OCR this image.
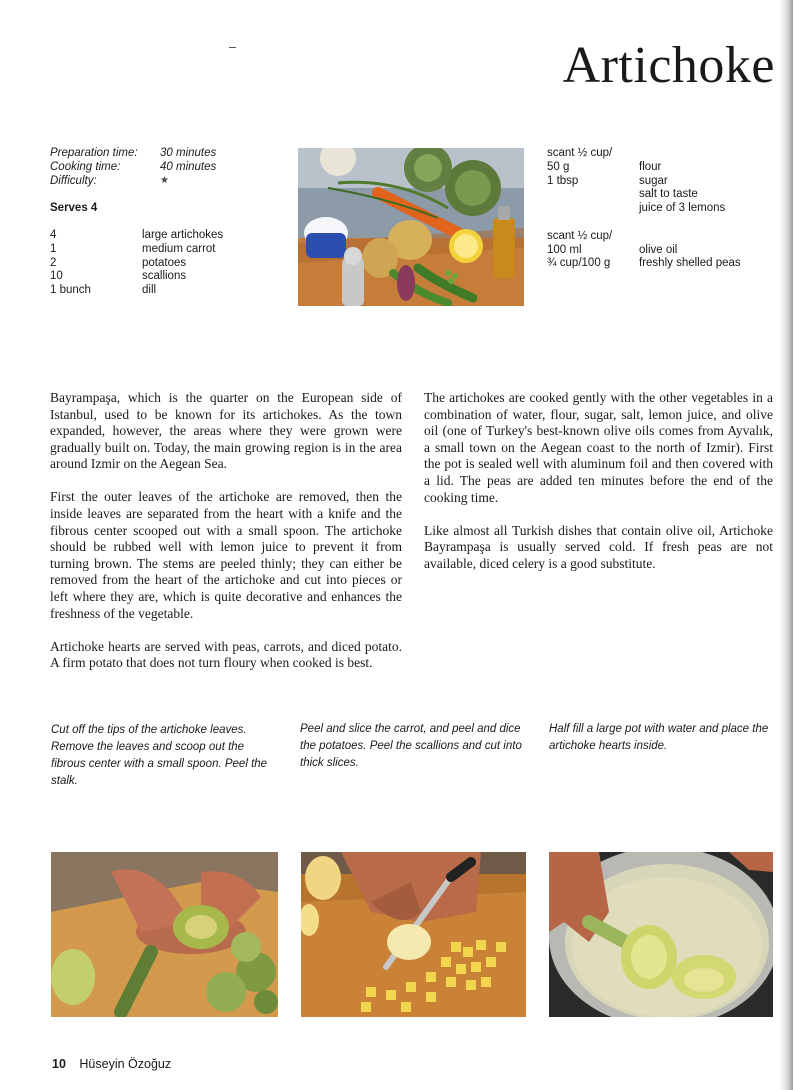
Artichoke
Preparation time:	30 minutes
Cooking time:	40 minutes
Difficulty:	★
Serves 4
4	large artichokes
1	medium carrot
2	potatoes
10	scallions
1 bunch	dill
scant ½ cup/
50 g	flour
1 tbsp	sugar
salt to taste
juice of 3 lemons
scant ½ cup/
100 ml	olive oil
¾ cup/100 g	freshly shelled peas

Bayrampaşa, which is the quarter on the European side of Istanbul, used to be known for its artichokes. As the town expanded, however, the areas where they were grown were gradually built on. Today, the main growing region is in the area around Izmir on the Aegean Sea.

First the outer leaves of the artichoke are removed, then the inside leaves are separated from the heart with a knife and the fibrous center scooped out with a small spoon. The artichoke should be rubbed well with lemon juice to prevent it from turning brown. The stems are peeled thinly; they can either be removed from the heart of the artichoke and cut into pieces or left where they are, which is quite decorative and enhances the freshness of the vegetable.

Artichoke hearts are served with peas, carrots, and diced potato. A firm potato that does not turn floury when cooked is best.

The artichokes are cooked gently with the other vegetables in a combination of water, flour, sugar, salt, lemon juice, and olive oil (one of Turkey's best-known olive oils comes from Ayvalık, a small town on the Aegean coast to the north of Izmir). First the pot is sealed well with aluminum foil and then covered with a lid. The peas are added ten minutes before the end of the cooking time.

Like almost all Turkish dishes that contain olive oil, Artichoke Bayrampaşa is usually served cold. If fresh peas are not available, diced celery is a good substitute.

Cut off the tips of the artichoke leaves. Remove the leaves and scoop out the fibrous center with a small spoon. Peel the stalk.
Peel and slice the carrot, and peel and dice the potatoes. Peel the scallions and cut into thick slices.
Half fill a large pot with water and place the artichoke hearts inside.
10 Hüseyin Özoğuz
